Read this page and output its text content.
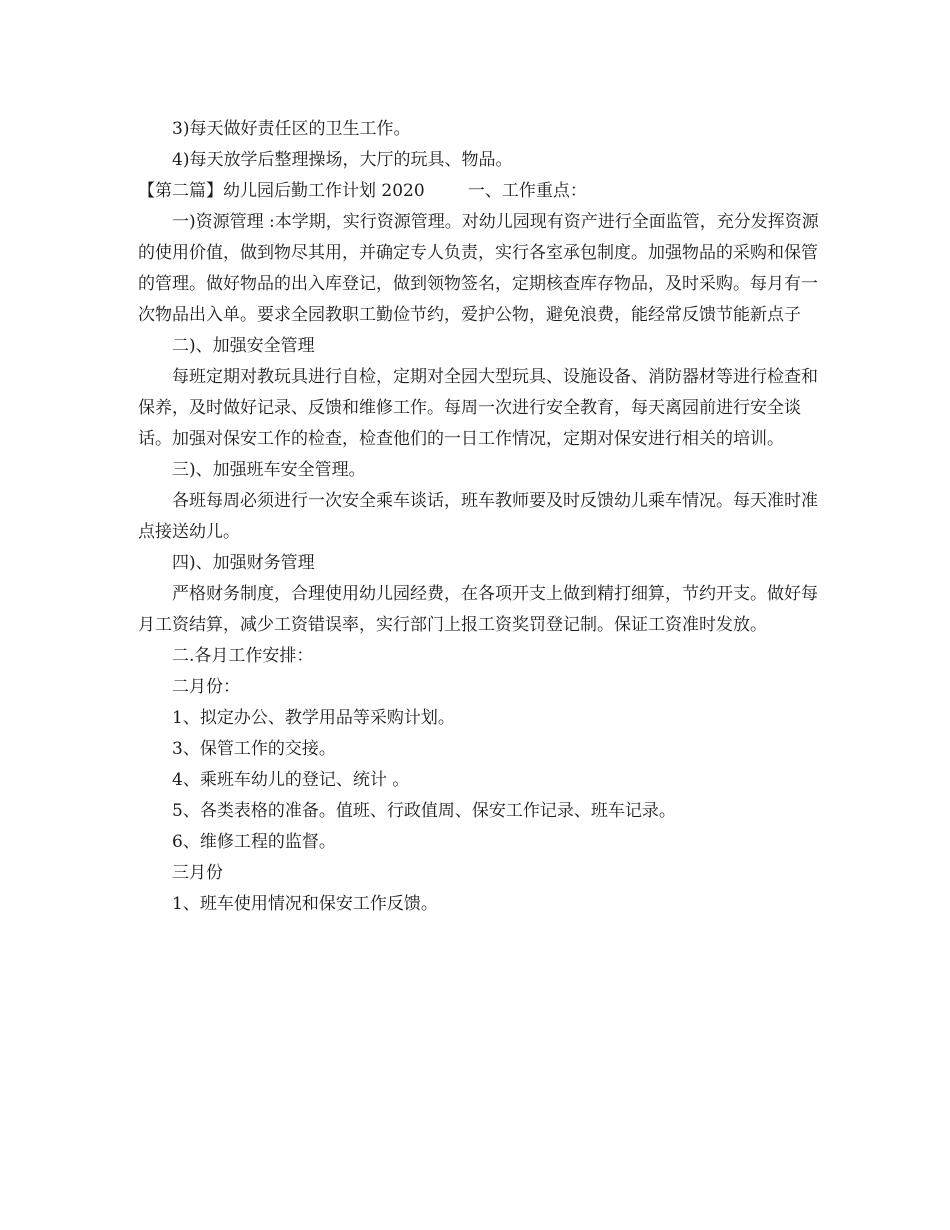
3)每天做好责任区的卫生工作。

4)每天放学后整理操场，大厅的玩具、物品。

【第二篇】幼儿园后勤工作计划 2020        一、工作重点：

一)资源管理 :本学期，实行资源管理。对幼儿园现有资产进行全面监管，充分发挥资源的使用价值，做到物尽其用，并确定专人负责，实行各室承包制度。加强物品的采购和保管的管理。做好物品的出入库登记，做到领物签名，定期核查库存物品，及时采购。每月有一次物品出入单。要求全园教职工勤俭节约，爱护公物，避免浪费，能经常反馈节能新点子

二)、加强安全管理

每班定期对教玩具进行自检，定期对全园大型玩具、设施设备、消防器材等进行检查和保养，及时做好记录、反馈和维修工作。每周一次进行安全教育，每天离园前进行安全谈话。加强对保安工作的检查，检查他们的一日工作情况，定期对保安进行相关的培训。

三)、加强班车安全管理。

各班每周必须进行一次安全乘车谈话，班车教师要及时反馈幼儿乘车情况。每天准时准点接送幼儿。

四)、加强财务管理

严格财务制度，合理使用幼儿园经费，在各项开支上做到精打细算，节约开支。做好每月工资结算，减少工资错误率，实行部门上报工资奖罚登记制。保证工资准时发放。

二.各月工作安排：

二月份：

1、拟定办公、教学用品等采购计划。

3、保管工作的交接。

4、乘班车幼儿的登记、统计 。

5、各类表格的准备。值班、行政值周、保安工作记录、班车记录。

6、维修工程的监督。

三月份

1、班车使用情况和保安工作反馈。
